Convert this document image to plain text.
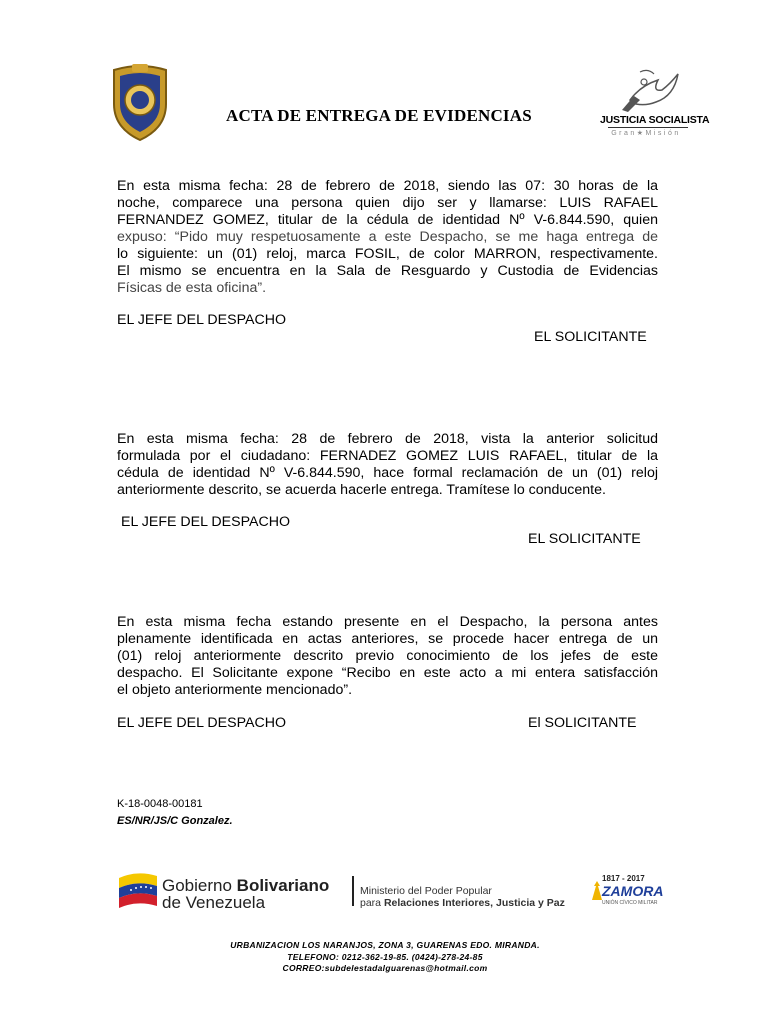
ACTA DE ENTREGA DE EVIDENCIAS	JUSTICIA SOCIALISTA
Gran★Misión
En esta misma fecha: 28 de febrero de 2018, siendo las 07: 30 horas de la
noche, comparece una persona quien dijo ser y llamarse: LUIS RAFAEL
FERNANDEZ GOMEZ, titular de la cédula de identidad Nº V-6.844.590, quien
expuso: “Pido muy respetuosamente a este Despacho, se me haga entrega de
lo siguiente: un (01) reloj, marca FOSIL, de color MARRON, respectivamente.
El mismo se encuentra en la Sala de Resguardo y Custodia de Evidencias
Físicas de esta oficina”.
EL JEFE DEL DESPACHO
EL SOLICITANTE
En esta misma fecha: 28 de febrero de 2018, vista la anterior solicitud
formulada por el ciudadano: FERNADEZ GOMEZ LUIS RAFAEL, titular de la
cédula de identidad Nº V-6.844.590, hace formal reclamación de un (01) reloj
anteriormente descrito, se acuerda hacerle entrega. Tramítese lo conducente.
EL JEFE DEL DESPACHO
EL SOLICITANTE
En esta misma fecha estando presente en el Despacho, la persona antes
plenamente identificada en actas anteriores, se procede hacer entrega de un
(01) reloj anteriormente descrito previo conocimiento de los jefes de este
despacho. El Solicitante expone “Recibo en este acto a mi entera satisfacción
el objeto anteriormente mencionado”.
EL JEFE DEL DESPACHO	El SOLICITANTE
K-18-0048-00181
ES/NR/JS/C Gonzalez.
Gobierno Bolivariano
de Venezuela
Ministerio del Poder Popular
para Relaciones Interiores, Justicia y Paz
1817 - 2017
ZAMORA
UNIÓN CÍVICO MILITAR
URBANIZACION LOS NARANJOS, ZONA 3, GUARENAS EDO. MIRANDA.
TELEFONO: 0212-362-19-85. (0424)-278-24-85
CORREO:subdelestadalguarenas@hotmail.com
